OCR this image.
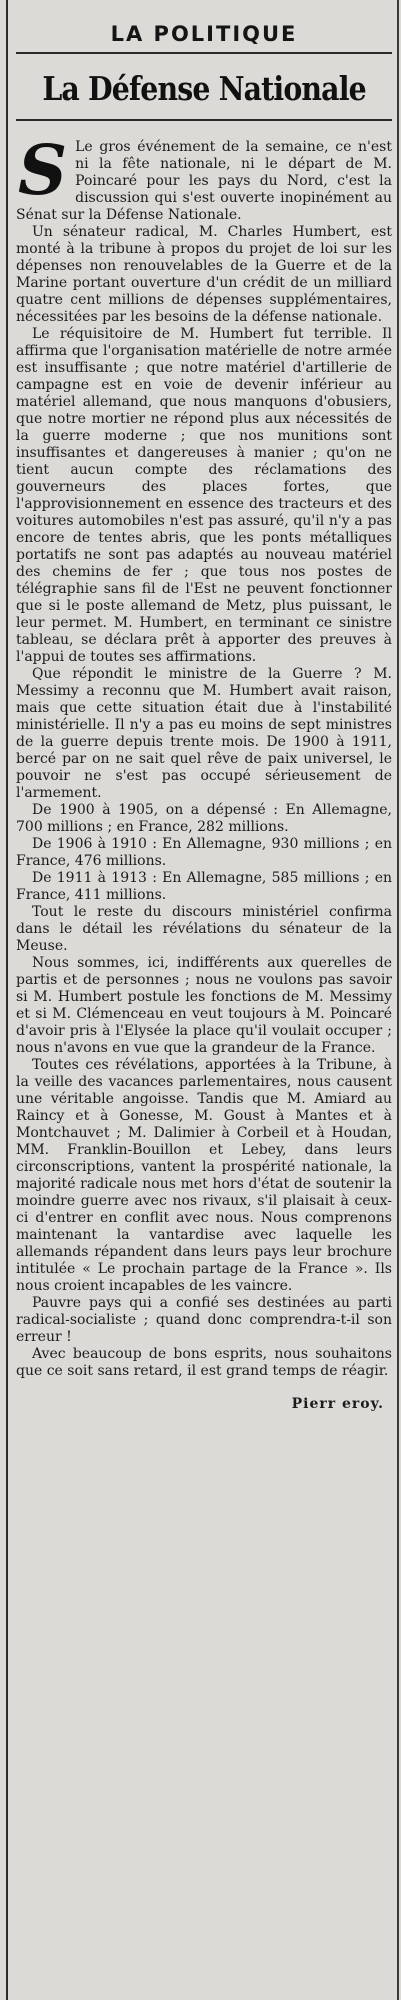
LA POLITIQUE
La Défense Nationale

S Le gros événement de la semaine, ce n'est ni la fête nationale, ni le départ de M. Poincaré pour les pays du Nord, c'est la discussion qui s'est ouverte inopinément au Sénat sur la Défense Nationale.

Un sénateur radical, M. Charles Humbert, est monté à la tribune à propos du projet de loi sur les dépenses non renouvelables de la Guerre et de la Marine portant ouverture d'un crédit de un milliard quatre cent millions de dépenses supplémentaires, nécessitées par les besoins de la défense nationale.

Le réquisitoire de M. Humbert fut terrible. Il affirma que l'organisation matérielle de notre armée est insuffisante ; que notre matériel d'artillerie de campagne est en voie de devenir inférieur au matériel allemand, que nous manquons d'obusiers, que notre mortier ne répond plus aux nécessités de la guerre moderne ; que nos munitions sont insuffisantes et dangereuses à manier ; qu'on ne tient aucun compte des réclamations des gouverneurs des places fortes, que l'approvisionnement en essence des tracteurs et des voitures automobiles n'est pas assuré, qu'il n'y a pas encore de tentes abris, que les ponts métalliques portatifs ne sont pas adaptés au nouveau matériel des chemins de fer ; que tous nos postes de télégraphie sans fil de l'Est ne peuvent fonctionner que si le poste allemand de Metz, plus puissant, le leur permet. M. Humbert, en terminant ce sinistre tableau, se déclara prêt à apporter des preuves à l'appui de toutes ses affirmations.

Que répondit le ministre de la Guerre ? M. Messimy a reconnu que M. Humbert avait raison, mais que cette situation était due à l'instabilité ministérielle. Il n'y a pas eu moins de sept ministres de la guerre depuis trente mois. De 1900 à 1911, bercé par on ne sait quel rêve de paix universel, le pouvoir ne s'est pas occupé sérieusement de l'armement.

De 1900 à 1905, on a dépensé : En Allemagne, 700 millions ; en France, 282 millions.

De 1906 à 1910 : En Allemagne, 930 millions ; en France, 476 millions.

De 1911 à 1913 : En Allemagne, 585 millions ; en France, 411 millions.

Tout le reste du discours ministériel confirma dans le détail les révélations du sénateur de la Meuse.

Nous sommes, ici, indifférents aux querelles de partis et de personnes ; nous ne voulons pas savoir si M. Humbert postule les fonctions de M. Messimy et si M. Clémenceau en veut toujours à M. Poincaré d'avoir pris à l'Elysée la place qu'il voulait occuper ; nous n'avons en vue que la grandeur de la France.

Toutes ces révélations, apportées à la Tribune, à la veille des vacances parlementaires, nous causent une véritable angoisse. Tandis que M. Amiard au Raincy et à Gonesse, M. Goust à Mantes et à Montchauvet ; M. Dalimier à Corbeil et à Houdan, MM. Franklin-Bouillon et Lebey, dans leurs circonscriptions, vantent la prospérité nationale, la majorité radicale nous met hors d'état de soutenir la moindre guerre avec nos rivaux, s'il plaisait à ceux-ci d'entrer en conflit avec nous. Nous comprenons maintenant la vantardise avec laquelle les allemands répandent dans leurs pays leur brochure intitulée « Le prochain partage de la France ». Ils nous croient incapables de les vaincre.

Pauvre pays qui a confié ses destinées au parti radical-socialiste ; quand donc comprendra-t-il son erreur !

Avec beaucoup de bons esprits, nous souhaitons que ce soit sans retard, il est grand temps de réagir.

Pierr eroy.
